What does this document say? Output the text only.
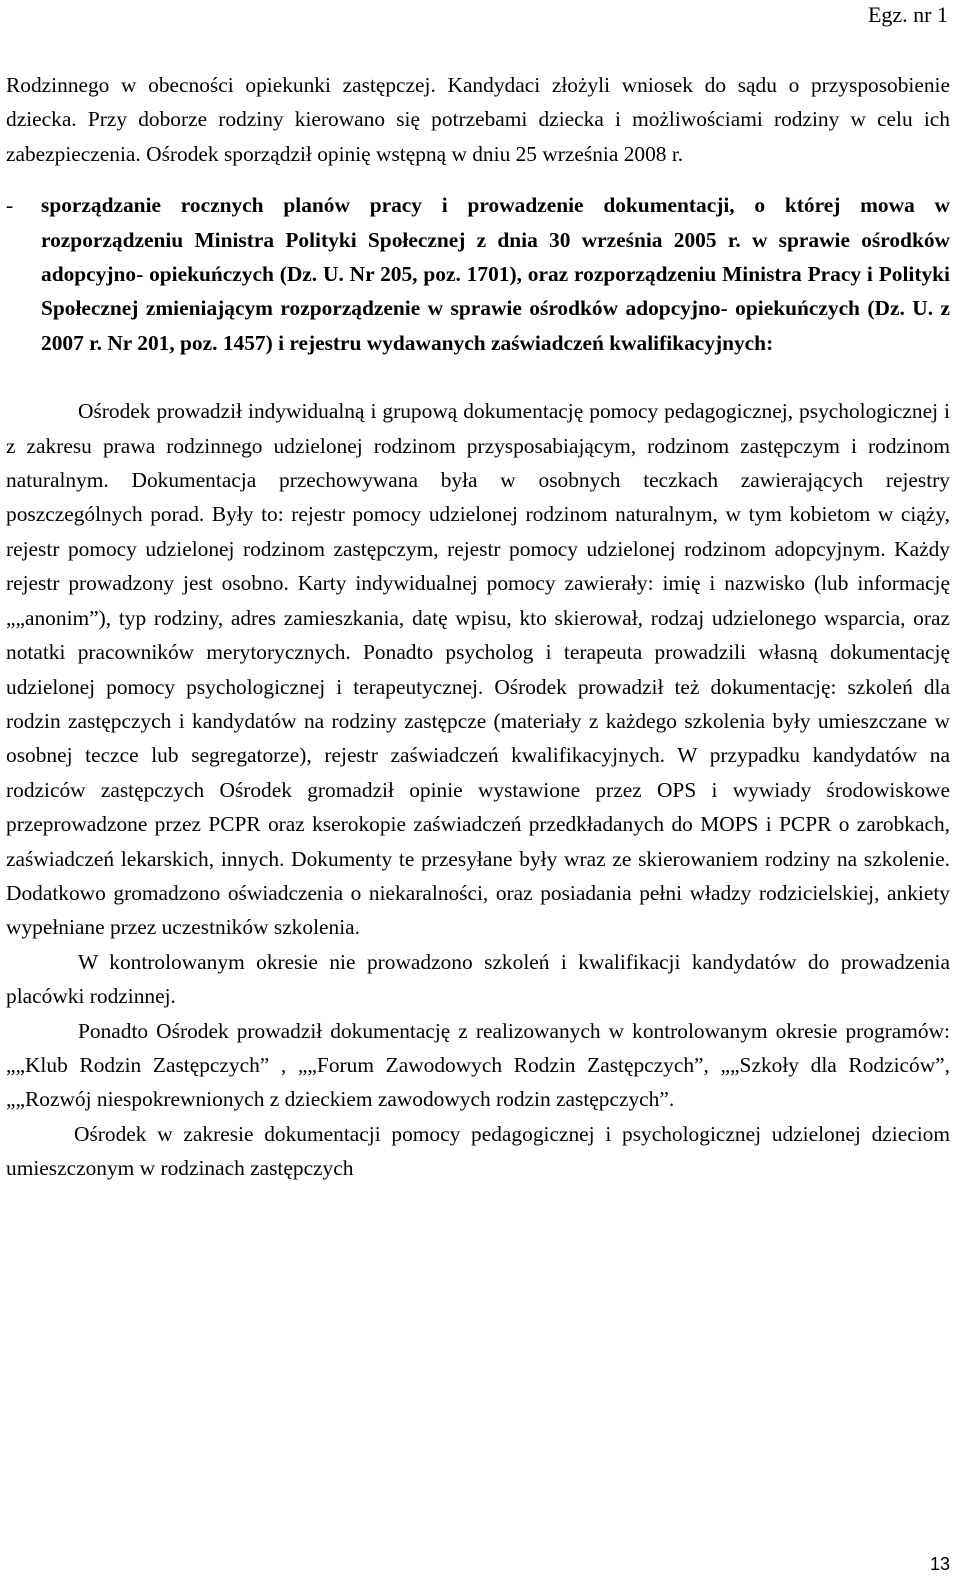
Egz. nr 1

Rodzinnego w obecności opiekunki zastępczej. Kandydaci złożyli wniosek do sądu o przysposobienie dziecka. Przy doborze rodziny kierowano się potrzebami dziecka i możliwościami rodziny w celu ich zabezpieczenia. Ośrodek sporządził opinię wstępną w dniu 25 września 2008 r.

- sporządzanie rocznych planów pracy i prowadzenie dokumentacji, o której mowa w rozporządzeniu Ministra Polityki Społecznej z dnia 30 września 2005 r. w sprawie ośrodków adopcyjno- opiekuńczych (Dz. U. Nr 205, poz. 1701), oraz rozporządzeniu Ministra Pracy i Polityki Społecznej zmieniającym rozporządzenie w sprawie ośrodków adopcyjno- opiekuńczych (Dz. U. z 2007 r. Nr 201, poz. 1457) i rejestru wydawanych zaświadczeń kwalifikacyjnych:

Ośrodek prowadził indywidualną i grupową dokumentację pomocy pedagogicznej, psychologicznej i z zakresu prawa rodzinnego udzielonej rodzinom przysposabiającym, rodzinom zastępczym i rodzinom naturalnym. Dokumentacja przechowywana była w osobnych teczkach zawierających rejestry poszczególnych porad. Były to: rejestr pomocy udzielonej rodzinom naturalnym, w tym kobietom w ciąży, rejestr pomocy udzielonej rodzinom zastępczym, rejestr pomocy udzielonej rodzinom adopcyjnym. Każdy rejestr prowadzony jest osobno. Karty indywidualnej pomocy zawierały: imię i nazwisko (lub informację „„anonim”), typ rodziny, adres zamieszkania, datę wpisu, kto skierował, rodzaj udzielonego wsparcia, oraz notatki pracowników merytorycznych. Ponadto psycholog i terapeuta prowadzili własną dokumentację udzielonej pomocy psychologicznej i terapeutycznej. Ośrodek prowadził też dokumentację: szkoleń dla rodzin zastępczych i kandydatów na rodziny zastępcze (materiały z każdego szkolenia były umieszczane w osobnej teczce lub segregatorze), rejestr zaświadczeń kwalifikacyjnych. W przypadku kandydatów na rodziców zastępczych Ośrodek gromadził opinie wystawione przez OPS i wywiady środowiskowe przeprowadzone przez PCPR oraz kserokopie zaświadczeń przedkładanych do MOPS i PCPR o zarobkach, zaświadczeń lekarskich, innych. Dokumenty te przesyłane były wraz ze skierowaniem rodziny na szkolenie. Dodatkowo gromadzono oświadczenia o niekaralności, oraz posiadania pełni władzy rodzicielskiej, ankiety wypełniane przez uczestników szkolenia.

W kontrolowanym okresie nie prowadzono szkoleń i kwalifikacji kandydatów do prowadzenia placówki rodzinnej.

Ponadto Ośrodek prowadził dokumentację z realizowanych w kontrolowanym okresie programów: „„Klub Rodzin Zastępczych” , „„Forum Zawodowych Rodzin Zastępczych”, „„Szkoły dla Rodziców”, „„Rozwój niespokrewnionych z dzieckiem zawodowych rodzin zastępczych”.

Ośrodek w zakresie dokumentacji pomocy pedagogicznej i psychologicznej udzielonej dzieciom umieszczonym w rodzinach zastępczych

13
